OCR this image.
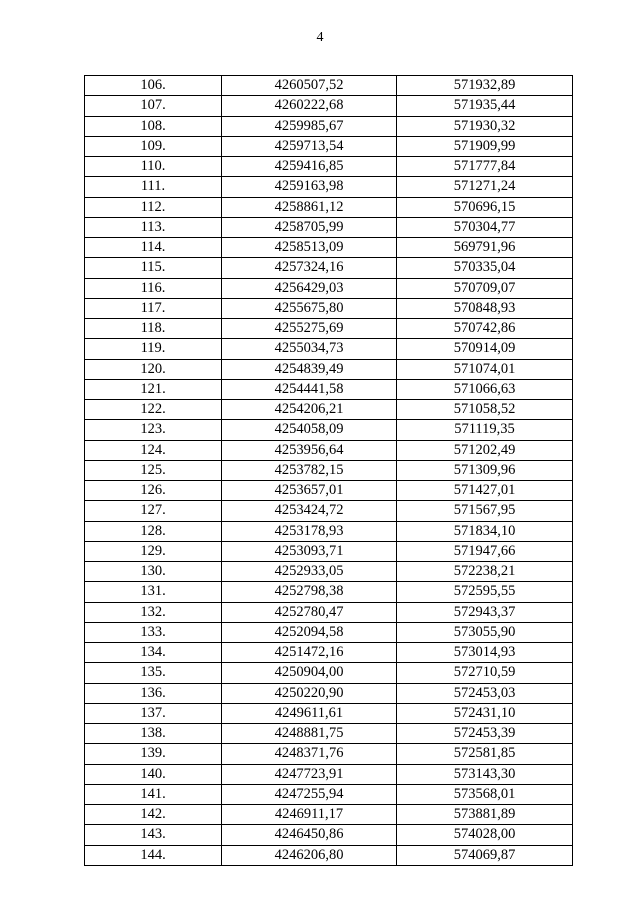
4
106.	4260507,52	571932,89
107.	4260222,68	571935,44
108.	4259985,67	571930,32
109.	4259713,54	571909,99
110.	4259416,85	571777,84
111.	4259163,98	571271,24
112.	4258861,12	570696,15
113.	4258705,99	570304,77
114.	4258513,09	569791,96
115.	4257324,16	570335,04
116.	4256429,03	570709,07
117.	4255675,80	570848,93
118.	4255275,69	570742,86
119.	4255034,73	570914,09
120.	4254839,49	571074,01
121.	4254441,58	571066,63
122.	4254206,21	571058,52
123.	4254058,09	571119,35
124.	4253956,64	571202,49
125.	4253782,15	571309,96
126.	4253657,01	571427,01
127.	4253424,72	571567,95
128.	4253178,93	571834,10
129.	4253093,71	571947,66
130.	4252933,05	572238,21
131.	4252798,38	572595,55
132.	4252780,47	572943,37
133.	4252094,58	573055,90
134.	4251472,16	573014,93
135.	4250904,00	572710,59
136.	4250220,90	572453,03
137.	4249611,61	572431,10
138.	4248881,75	572453,39
139.	4248371,76	572581,85
140.	4247723,91	573143,30
141.	4247255,94	573568,01
142.	4246911,17	573881,89
143.	4246450,86	574028,00
144.	4246206,80	574069,87
